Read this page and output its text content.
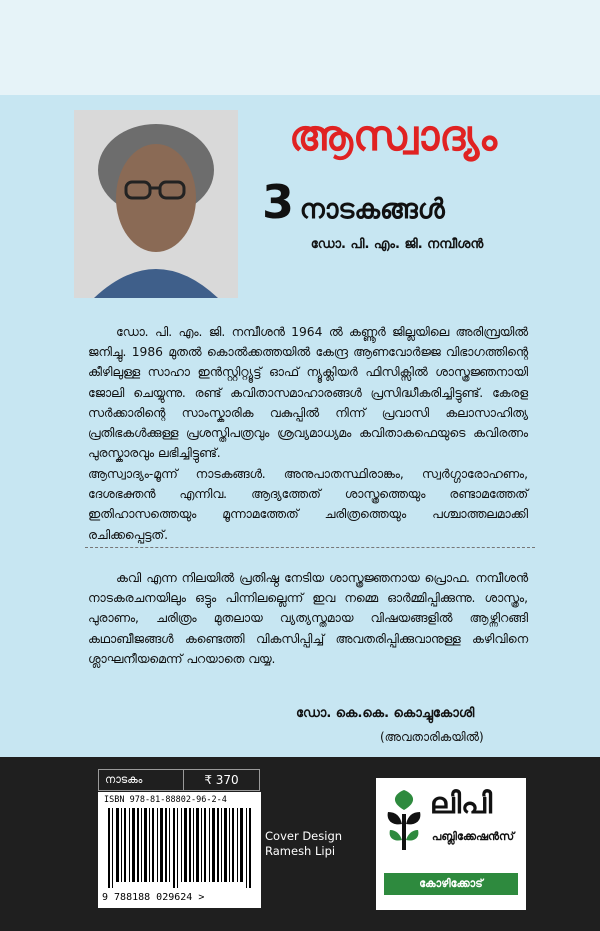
ആസ്വാദ്യം
3 നാടകങ്ങൾ
ഡോ. പി. എം. ജി. നമ്പീശൻ
ഡോ. പി. എം. ജി. നമ്പീശൻ 1964 ൽ കണ്ണൂർ ജില്ലയിലെ അരിമ്പ്രയിൽ ജനിച്ചു. 1986 മുതൽ കൊൽക്കത്തയിൽ കേന്ദ്ര ആണവോർജ്ജ വിഭാഗത്തിന്റെ കീഴിലുള്ള സാഹാ ഇൻസ്റ്റിറ്റ്യൂട്ട് ഓഫ് ന്യൂക്ലിയർ ഫിസിക്സിൽ ശാസ്ത്രജ്ഞനായി ജോലി ചെയ്യുന്നു. രണ്ട് കവിതാസമാഹാരങ്ങൾ പ്രസിദ്ധീകരിച്ചിട്ടുണ്ട്. കേരള സർക്കാരിന്റെ സാംസ്കാരിക വകുപ്പിൽ നിന്ന് പ്രവാസി കലാസാഹിത്യ പ്രതിഭകൾക്കുള്ള പ്രശസ്തിപത്രവും ശ്രവ്യമാധ്യമം കവിതാകഫെയുടെ കവിരത്നം പുരസ്കാരവും ലഭിച്ചിട്ടുണ്ട്.
ആസ്വാദ്യം-മൂന്ന് നാടകങ്ങൾ. അനുപാതസ്ഥിരാങ്കം, സ്വർഗ്ഗാരോഹണം, ദേശഭക്തൻ എന്നിവ. ആദ്യത്തേത് ശാസ്ത്രത്തെയും രണ്ടാമത്തേത് ഇതിഹാസത്തെയും മൂന്നാമത്തേത് ചരിത്രത്തെയും പശ്ചാത്തലമാക്കി രചിക്കപ്പെട്ടത്.
കവി എന്ന നിലയിൽ പ്രതിഷ്ഠ നേടിയ ശാസ്ത്രജ്ഞനായ പ്രൊഫ. നമ്പീശൻ നാടകരചനയിലും ഒട്ടും പിന്നിലല്ലെന്ന് ഇവ നമ്മെ ഓർമ്മിപ്പിക്കുന്നു. ശാസ്ത്രം, പുരാണം, ചരിത്രം മുതലായ വ്യത്യസ്തമായ വിഷയങ്ങളിൽ ആഴ്ന്നിറങ്ങി കഥാബീജങ്ങൾ കണ്ടെത്തി വികസിപ്പിച്ച് അവതരിപ്പിക്കുവാനുള്ള കഴിവിനെ ശ്ലാഘനീയമെന്ന് പറയാതെ വയ്യ.
ഡോ. കെ.കെ. കൊച്ചുകോശി
(അവതാരികയിൽ)
നാടകം	₹ 370
ISBN 978-81-88802-96-2-4
9 788188 029624 >
Cover Design
Ramesh Lipi
ലിപി
പബ്ലിക്കേഷൻസ്
കോഴിക്കോട്
